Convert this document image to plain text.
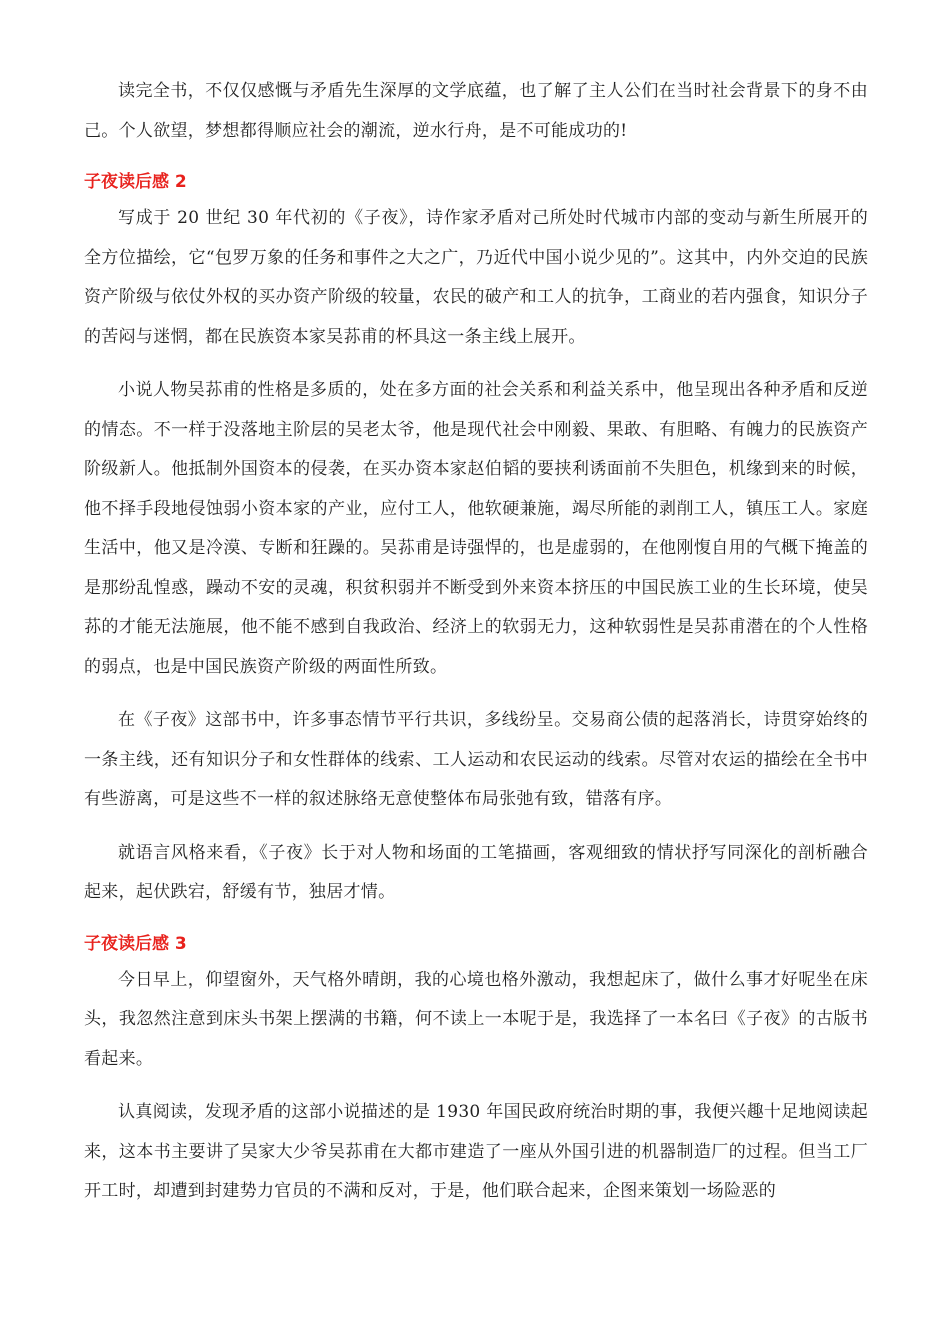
读完全书，不仅仅感慨与矛盾先生深厚的文学底蕴，也了解了主人公们在当时社会背景下的身不由己。个人欲望，梦想都得顺应社会的潮流，逆水行舟，是不可能成功的!

子夜读后感 2

写成于 20 世纪 30 年代初的《子夜》，诗作家矛盾对己所处时代城市内部的变动与新生所展开的全方位描绘，它“包罗万象的任务和事件之大之广，乃近代中国小说少见的”。这其中，内外交迫的民族资产阶级与依仗外权的买办资产阶级的较量，农民的破产和工人的抗争，工商业的若内强食，知识分子的苦闷与迷惘，都在民族资本家吴荪甫的杯具这一条主线上展开。

小说人物吴荪甫的性格是多质的，处在多方面的社会关系和利益关系中，他呈现出各种矛盾和反逆的情态。不一样于没落地主阶层的吴老太爷，他是现代社会中刚毅、果敢、有胆略、有魄力的民族资产阶级新人。他抵制外国资本的侵袭，在买办资本家赵伯韬的要挟利诱面前不失胆色，机缘到来的时候，他不择手段地侵蚀弱小资本家的产业，应付工人，他软硬兼施，竭尽所能的剥削工人，镇压工人。家庭生活中，他又是冷漠、专断和狂躁的。吴荪甫是诗强悍的，也是虚弱的，在他刚愎自用的气概下掩盖的是那纷乱惶惑，躁动不安的灵魂，积贫积弱并不断受到外来资本挤压的中国民族工业的生长环境，使吴荪的才能无法施展，他不能不感到自我政治、经济上的软弱无力，这种软弱性是吴荪甫潜在的个人性格的弱点，也是中国民族资产阶级的两面性所致。

在《子夜》这部书中，许多事态情节平行共识，多线纷呈。交易商公债的起落消长，诗贯穿始终的一条主线，还有知识分子和女性群体的线索、工人运动和农民运动的线索。尽管对农运的描绘在全书中有些游离，可是这些不一样的叙述脉络无意使整体布局张弛有致，错落有序。

就语言风格来看，《子夜》长于对人物和场面的工笔描画，客观细致的情状抒写同深化的剖析融合起来，起伏跌宕，舒缓有节，独居才情。

子夜读后感 3

今日早上，仰望窗外，天气格外晴朗，我的心境也格外激动，我想起床了，做什么事才好呢坐在床头，我忽然注意到床头书架上摆满的书籍，何不读上一本呢于是，我选择了一本名曰《子夜》的古版书看起来。

认真阅读，发现矛盾的这部小说描述的是 1930 年国民政府统治时期的事，我便兴趣十足地阅读起来，这本书主要讲了吴家大少爷吴荪甫在大都市建造了一座从外国引进的机器制造厂的过程。但当工厂开工时，却遭到封建势力官员的不满和反对，于是，他们联合起来，企图来策划一场险恶的
